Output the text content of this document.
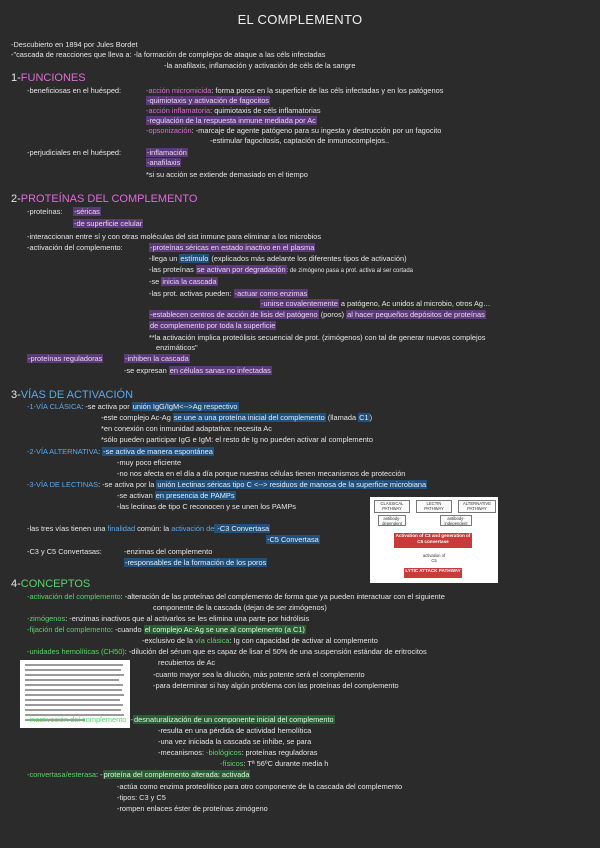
EL COMPLEMENTO
-Descubierto en 1894 por Jules Bordet
-"cascada de reacciones que lleva a: -la formación de complejos de ataque a las céls infectadas
-la anafilaxis, inflamación y activación de céls de la sangre
1-FUNCIONES
-beneficiosas en el huésped:	-acción micromicida: forma poros en la superficie de las céls infectadas y en los patógenos
-quimiotaxis y activación de fagocitos
-acción inflamatoria: quimiotaxis de céls inflamatorias
-regulación de la respuesta inmune mediada por Ac
-opsonización: -marcaje de agente patógeno para su ingesta y destrucción por un fagocito
-estimular fagocitosis, captación de inmunocomplejos..
-perjudiciales en el huésped:	-inflamación
-anafilaxis
*si su acción se extiende demasiado en el tiempo
2-PROTEÍNAS DEL COMPLEMENTO
-proteínas: -séricas
-de superficie celular
-interaccionan entre sí y con otras moléculas del sist inmune para eliminar a los microbios
-activación del complemento:	-proteínas séricas en estado inactivo en el plasma
-llega un estímulo (explicados más adelante los diferentes tipos de activación)
-las proteínas se activan por degradación: de zimógeno pasa a prot. activa al ser cortada
-se inicia la cascada
-las prot. activas pueden: -actuar como enzimas
-unirse covalentemente a patógeno, Ac unidos al microbio, otros Ag…
-establecen centros de acción de lisis del patógeno (poros) al hacer pequeños depósitos de proteínas
de complemento por toda la superficie
**la activación implica proteólisis secuencial de prot. (zimógenos) con tal de generar nuevos complejos
enzimáticos"
-proteínas reguladoras	-inhiben la cascada
-se expresan en células sanas no infectadas
3-VÍAS DE ACTIVACIÓN
-1-VÍA CLÁSICA: -se activa por unión IgG/IgM<-->Ag respectivo
-este complejo Ac-Ag se une a una proteína inicial del complemento (llamada C1)
*en conexión con inmunidad adaptativa: necesita Ac
*sólo pueden participar IgG e IgM: el resto de Ig no pueden activar al complemento
-2-VÍA ALTERNATIVA: -se activa de manera espontánea
-muy poco eficiente
-no nos afecta en el día a día porque nuestras células tienen mecanismos de protección
-3-VÍA DE LECTINAS: -se activa por la unión Lectinas séricas tipo C <--> residuos de manosa de la superficie microbiana
-se activan en presencia de PAMPs
-las lectinas de tipo C reconocen y se unen los PAMPs
-las tres vías tienen una finalidad común: la activación de -C3 Convertasa
-C5 Convertasa
-C3 y C5 Convertasas:	-enzimas del complemento
-responsables de la formación de los poros
CLASSICAL PATHWAY
LECTIN PATHWAY
ALTERNATIVE PATHWAY
antibody-dependent
antibody-independent
Activation of C3 and generation of C5 convertase
activation of C5
LYTIC ATTACK PATHWAY
4-CONCEPTOS
-activación del complemento: -alteración de las proteínas del complemento de forma que ya pueden interactuar con el siguiente
componente de la cascada (dejan de ser zimógenos)
-zimógenos: -enzimas inactivos que al activarlos se les elimina una parte por hidrólisis
-fijación del complemento: -cuando el complejo Ac-Ag se une al complemento (a C1)
-exclusivo de la vía clásica: Ig con capacidad de activar al complemento
-unidades hemolíticas (CH50): -dilución del sérum que es capaz de lisar el 50% de una suspensión estándar de eritrocitos
recubiertos de Ac
-cuanto mayor sea la dilución, más potente será el complemento
-para determinar si hay algún problema con las proteínas del complemento
-inactivación del complemento: -desnaturalización de un componente inicial del complemento
-resulta en una pérdida de actividad hemolítica
-una vez iniciada la cascada se inhibe, se para
-mecanismos: -biológicos: proteínas reguladoras
-físicos: Tª 56ºC durante media h
-convertasa/esterasa: -proteína del complemento alterada: activada
-actúa como enzima proteolítico para otro componente de la cascada del complemento
-tipos: C3 y C5
-rompen enlaces éster de proteínas zimógeno
